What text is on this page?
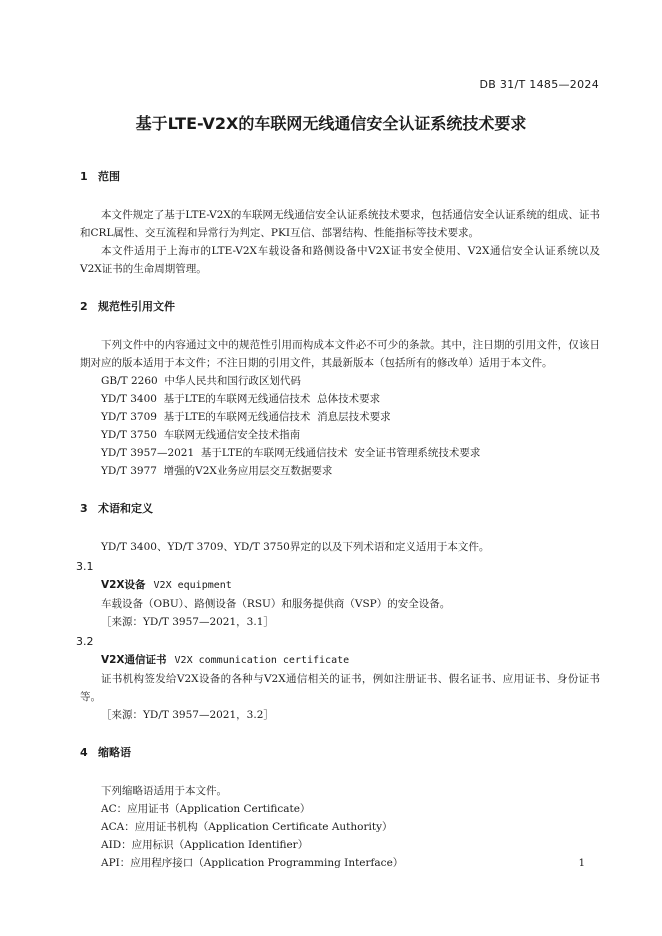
DB 31/T 1485—2024
基于LTE-V2X的车联网无线通信安全认证系统技术要求
1 范围

本文件规定了基于LTE-V2X的车联网无线通信安全认证系统技术要求，包括通信安全认证系统的组成、证书和CRL属性、交互流程和异常行为判定、PKI互信、部署结构、性能指标等技术要求。

本文件适用于上海市的LTE-V2X车载设备和路侧设备中V2X证书安全使用、V2X通信安全认证系统以及V2X证书的生命周期管理。

2 规范性引用文件

下列文件中的内容通过文中的规范性引用而构成本文件必不可少的条款。其中，注日期的引用文件，仅该日期对应的版本适用于本文件；不注日期的引用文件，其最新版本（包括所有的修改单）适用于本文件。

GB/T 2260 中华人民共和国行政区划代码
YD/T 3400 基于LTE的车联网无线通信技术  总体技术要求
YD/T 3709 基于LTE的车联网无线通信技术  消息层技术要求
YD/T 3750 车联网无线通信安全技术指南
YD/T 3957—2021 基于LTE的车联网无线通信技术  安全证书管理系统技术要求
YD/T 3977 增强的V2X业务应用层交互数据要求
3 术语和定义

YD/T 3400、YD/T 3709、YD/T 3750界定的以及下列术语和定义适用于本文件。

3.1
V2X设备 V2X equipment

车载设备（OBU）、路侧设备（RSU）和服务提供商（VSP）的安全设备。

［来源：YD/T 3957—2021，3.1］
3.2
V2X通信证书 V2X communication certificate

证书机构签发给V2X设备的各种与V2X通信相关的证书，例如注册证书、假名证书、应用证书、身份证书等。

［来源：YD/T 3957—2021，3.2］
4 缩略语

下列缩略语适用于本文件。

AC：应用证书（Application Certificate）
ACA：应用证书机构（Application Certificate Authority）
AID：应用标识（Application Identifier）
API：应用程序接口（Application Programming Interface）	1
